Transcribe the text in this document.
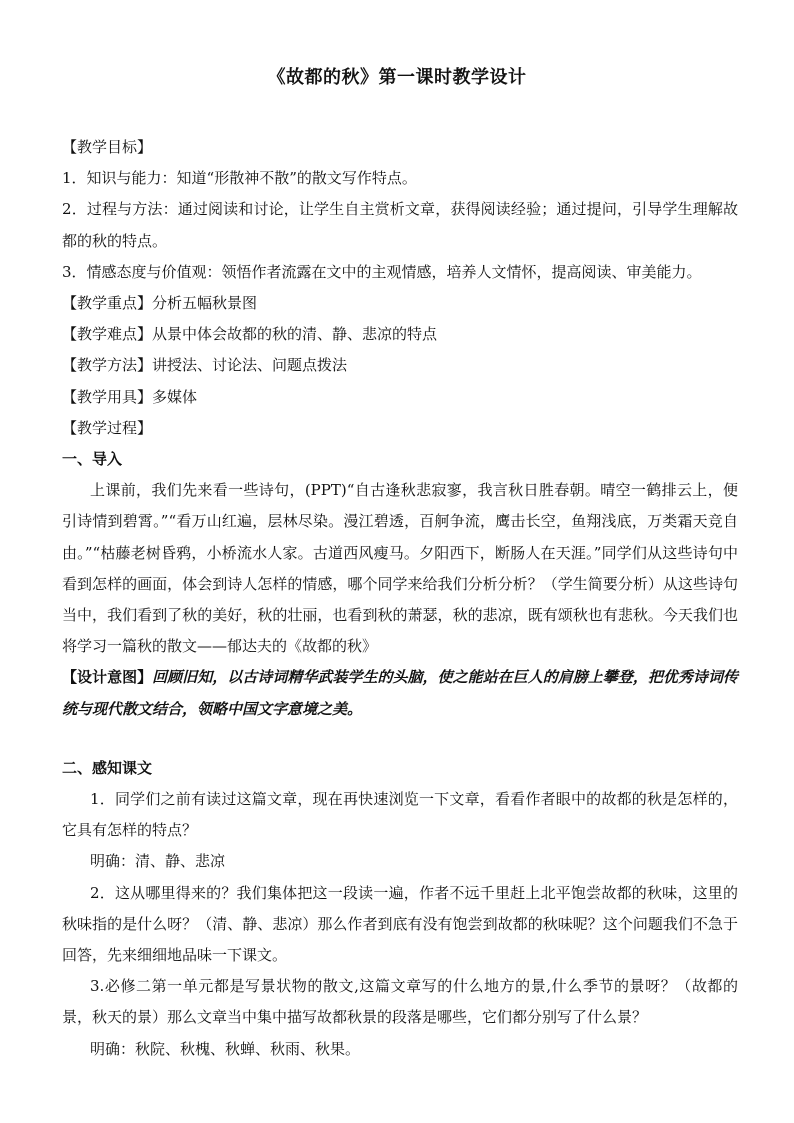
《故都的秋》第一课时教学设计
【教学目标】
1．知识与能力：知道“形散神不散”的散文写作特点。
2．过程与方法：通过阅读和讨论，让学生自主赏析文章，获得阅读经验；通过提问，引导学生理解故都的秋的特点。
3．情感态度与价值观：领悟作者流露在文中的主观情感，培养人文情怀，提高阅读、审美能力。
【教学重点】分析五幅秋景图
【教学难点】从景中体会故都的秋的清、静、悲凉的特点
【教学方法】讲授法、讨论法、问题点拨法
【教学用具】多媒体
【教学过程】
一、导入
上课前，我们先来看一些诗句，(PPT)“自古逢秋悲寂寥，我言秋日胜春朝。晴空一鹤排云上，便引诗情到碧霄。”“看万山红遍，层林尽染。漫江碧透，百舸争流，鹰击长空，鱼翔浅底，万类霜天竞自由。”“枯藤老树昏鸦，小桥流水人家。古道西风瘦马。夕阳西下，断肠人在天涯。”同学们从这些诗句中看到怎样的画面，体会到诗人怎样的情感，哪个同学来给我们分析分析？（学生简要分析）从这些诗句当中，我们看到了秋的美好，秋的壮丽，也看到秋的萧瑟，秋的悲凉，既有颂秋也有悲秋。今天我们也将学习一篇秋的散文——郁达夫的《故都的秋》
【设计意图】回顾旧知，以古诗词精华武装学生的头脑，使之能站在巨人的肩膀上攀登，把优秀诗词传统与现代散文结合，领略中国文字意境之美。
二、感知课文
1．同学们之前有读过这篇文章，现在再快速浏览一下文章，看看作者眼中的故都的秋是怎样的，它具有怎样的特点？
明确：清、静、悲凉
2．这从哪里得来的？我们集体把这一段读一遍，作者不远千里赶上北平饱尝故都的秋味，这里的秋味指的是什么呀？（清、静、悲凉）那么作者到底有没有饱尝到故都的秋味呢？这个问题我们不急于回答，先来细细地品味一下课文。
3.必修二第一单元都是写景状物的散文,这篇文章写的什么地方的景,什么季节的景呀？（故都的景，秋天的景）那么文章当中集中描写故都秋景的段落是哪些，它们都分别写了什么景？
明确：秋院、秋槐、秋蝉、秋雨、秋果。
